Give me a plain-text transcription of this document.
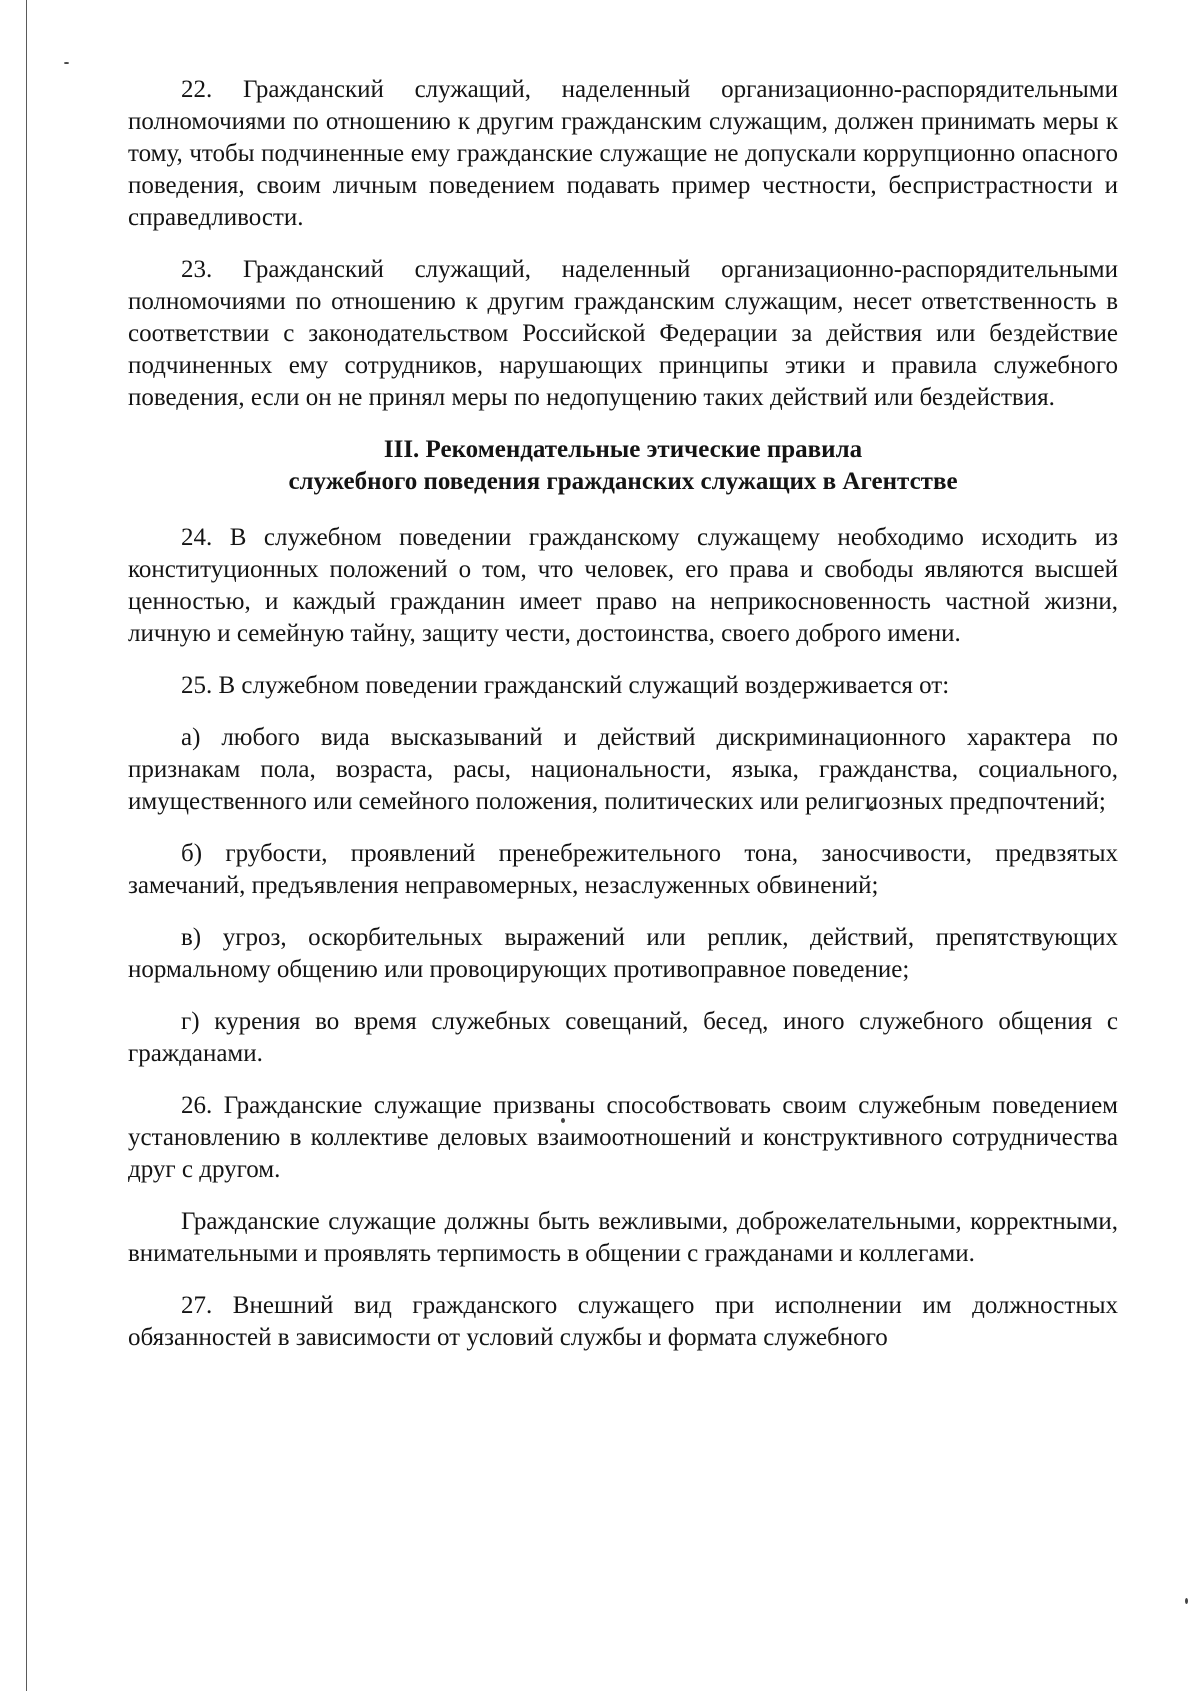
22. Гражданский служащий, наделенный организационно-распорядительными полномочиями по отношению к другим гражданским служащим, должен принимать меры к тому, чтобы подчиненные ему гражданские служащие не допускали коррупционно опасного поведения, своим личным поведением подавать пример честности, беспристрастности и справедливости.

23. Гражданский служащий, наделенный организационно-распорядительными полномочиями по отношению к другим гражданским служащим, несет ответственность в соответствии с законодательством Российской Федерации за действия или бездействие подчиненных ему сотрудников, нарушающих принципы этики и правила служебного поведения, если он не принял меры по недопущению таких действий или бездействия.

III. Рекомендательные этические правила
служебного поведения гражданских служащих в Агентстве

24. В служебном поведении гражданскому служащему необходимо исходить из конституционных положений о том, что человек, его права и свободы являются высшей ценностью, и каждый гражданин имеет право на неприкосновенность частной жизни, личную и семейную тайну, защиту чести, достоинства, своего доброго имени.

25. В служебном поведении гражданский служащий воздерживается от:

а) любого вида высказываний и действий дискриминационного характера по признакам пола, возраста, расы, национальности, языка, гражданства, социального, имущественного или семейного положения, политических или религиозных предпочтений;

б) грубости, проявлений пренебрежительного тона, заносчивости, предвзятых замечаний, предъявления неправомерных, незаслуженных обвинений;

в) угроз, оскорбительных выражений или реплик, действий, препятствующих нормальному общению или провоцирующих противоправное поведение;

г) курения во время служебных совещаний, бесед, иного служебного общения с гражданами.

26. Гражданские служащие призваны способствовать своим служебным поведением установлению в коллективе деловых взаимоотношений и конструктивного сотрудничества друг с другом.

Гражданские служащие должны быть вежливыми, доброжелательными, корректными, внимательными и проявлять терпимость в общении с гражданами и коллегами.

27. Внешний вид гражданского служащего при исполнении им должностных обязанностей в зависимости от условий службы и формата служебного
